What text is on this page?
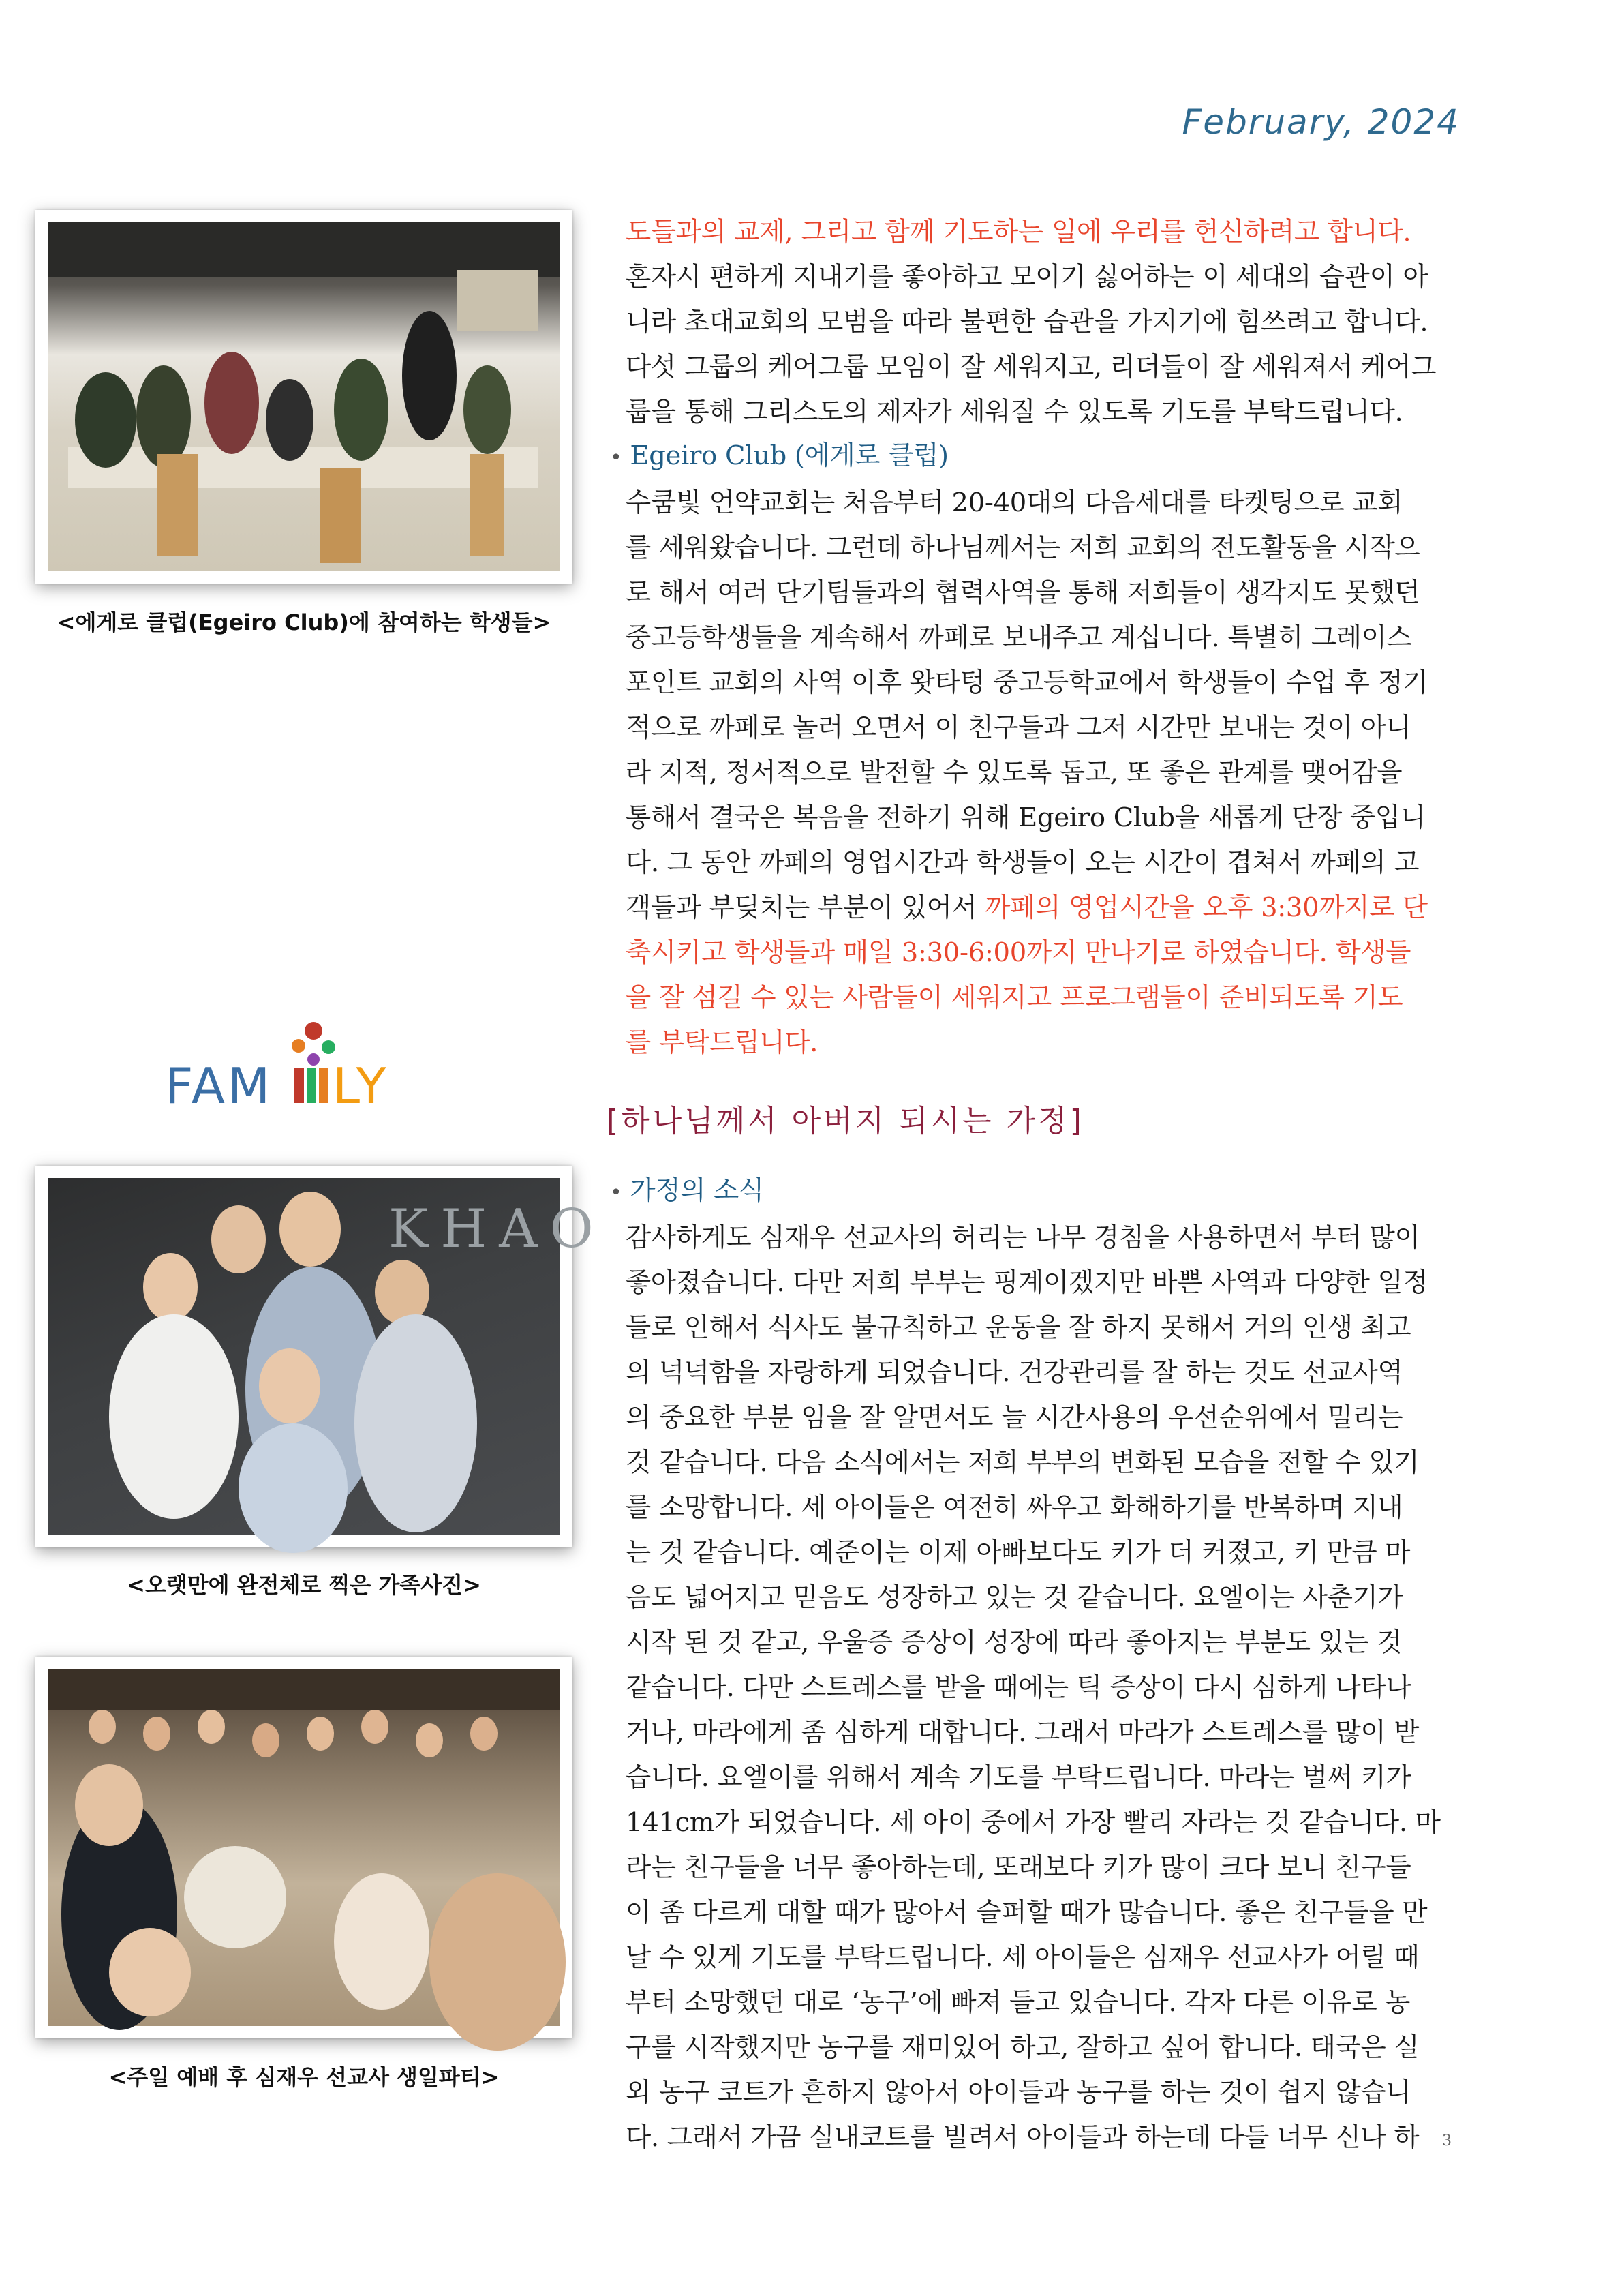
February, 2024
<에게로 클럽(Egeiro Club)에 참여하는 학생들>
FAM LY
KHAO
<오랫만에 완전체로 찍은 가족사진>
<주일 예배 후 심재우 선교사 생일파티>

도들과의 교제, 그리고 함께 기도하는 일에 우리를 헌신하려고 합니다.

혼자시 편하게 지내기를 좋아하고 모이기 싫어하는 이 세대의 습관이 아

니라 초대교회의 모범을 따라 불편한 습관을 가지기에 힘쓰려고 합니다.

다섯 그룹의 케어그룹 모임이 잘 세워지고, 리더들이 잘 세워져서 케어그

룹을 통해 그리스도의 제자가 세워질 수 있도록 기도를 부탁드립니다.

• Egeiro Club (에게로 클럽)

수쿰빛 언약교회는 처음부터 20-40대의 다음세대를 타켓팅으로 교회

를 세워왔습니다. 그런데 하나님께서는 저희 교회의 전도활동을 시작으

로 해서 여러 단기팀들과의 협력사역을 통해 저희들이 생각지도 못했던

중고등학생들을 계속해서 까페로 보내주고 계십니다. 특별히 그레이스

포인트 교회의 사역 이후 왓타텅 중고등학교에서 학생들이 수업 후 정기

적으로 까페로 놀러 오면서 이 친구들과 그저 시간만 보내는 것이 아니

라 지적, 정서적으로 발전할 수 있도록 돕고, 또 좋은 관계를 맺어감을

통해서 결국은 복음을 전하기 위해 Egeiro Club을 새롭게 단장 중입니

다. 그 동안 까페의 영업시간과 학생들이 오는 시간이 겹쳐서 까페의 고

객들과 부딪치는 부분이 있어서 까페의 영업시간을 오후 3:30까지로 단

축시키고 학생들과 매일 3:30-6:00까지 만나기로 하였습니다. 학생들

을 잘 섬길 수 있는 사람들이 세워지고 프로그램들이 준비되도록 기도

를 부탁드립니다.

[하나님께서 아버지 되시는 가정]

• 가정의 소식

감사하게도 심재우 선교사의 허리는 나무 경침을 사용하면서 부터 많이

좋아졌습니다. 다만 저희 부부는 핑계이겠지만 바쁜 사역과 다양한 일정

들로 인해서 식사도 불규칙하고 운동을 잘 하지 못해서 거의 인생 최고

의 넉넉함을 자랑하게 되었습니다. 건강관리를 잘 하는 것도 선교사역

의 중요한 부분 임을 잘 알면서도 늘 시간사용의 우선순위에서 밀리는

것 같습니다. 다음 소식에서는 저희 부부의 변화된 모습을 전할 수 있기

를 소망합니다. 세 아이들은 여전히 싸우고 화해하기를 반복하며 지내

는 것 같습니다. 예준이는 이제 아빠보다도 키가 더 커졌고, 키 만큼 마

음도 넓어지고 믿음도 성장하고 있는 것 같습니다. 요엘이는 사춘기가

시작 된 것 같고, 우울증 증상이 성장에 따라 좋아지는 부분도 있는 것

같습니다. 다만 스트레스를 받을 때에는 틱 증상이 다시 심하게 나타나

거나, 마라에게 좀 심하게 대합니다. 그래서 마라가 스트레스를 많이 받

습니다. 요엘이를 위해서 계속 기도를 부탁드립니다. 마라는 벌써 키가

141cm가 되었습니다. 세 아이 중에서 가장 빨리 자라는 것 같습니다. 마

라는 친구들을 너무 좋아하는데, 또래보다 키가 많이 크다 보니 친구들

이 좀 다르게 대할 때가 많아서 슬퍼할 때가 많습니다. 좋은 친구들을 만

날 수 있게 기도를 부탁드립니다. 세 아이들은 심재우 선교사가 어릴 때

부터 소망했던 대로 ‘농구’에 빠져 들고 있습니다. 각자 다른 이유로 농

구를 시작했지만 농구를 재미있어 하고, 잘하고 싶어 합니다. 태국은 실

외 농구 코트가 흔하지 않아서 아이들과 농구를 하는 것이 쉽지 않습니

다. 그래서 가끔 실내코트를 빌려서 아이들과 하는데 다들 너무 신나 하	3
